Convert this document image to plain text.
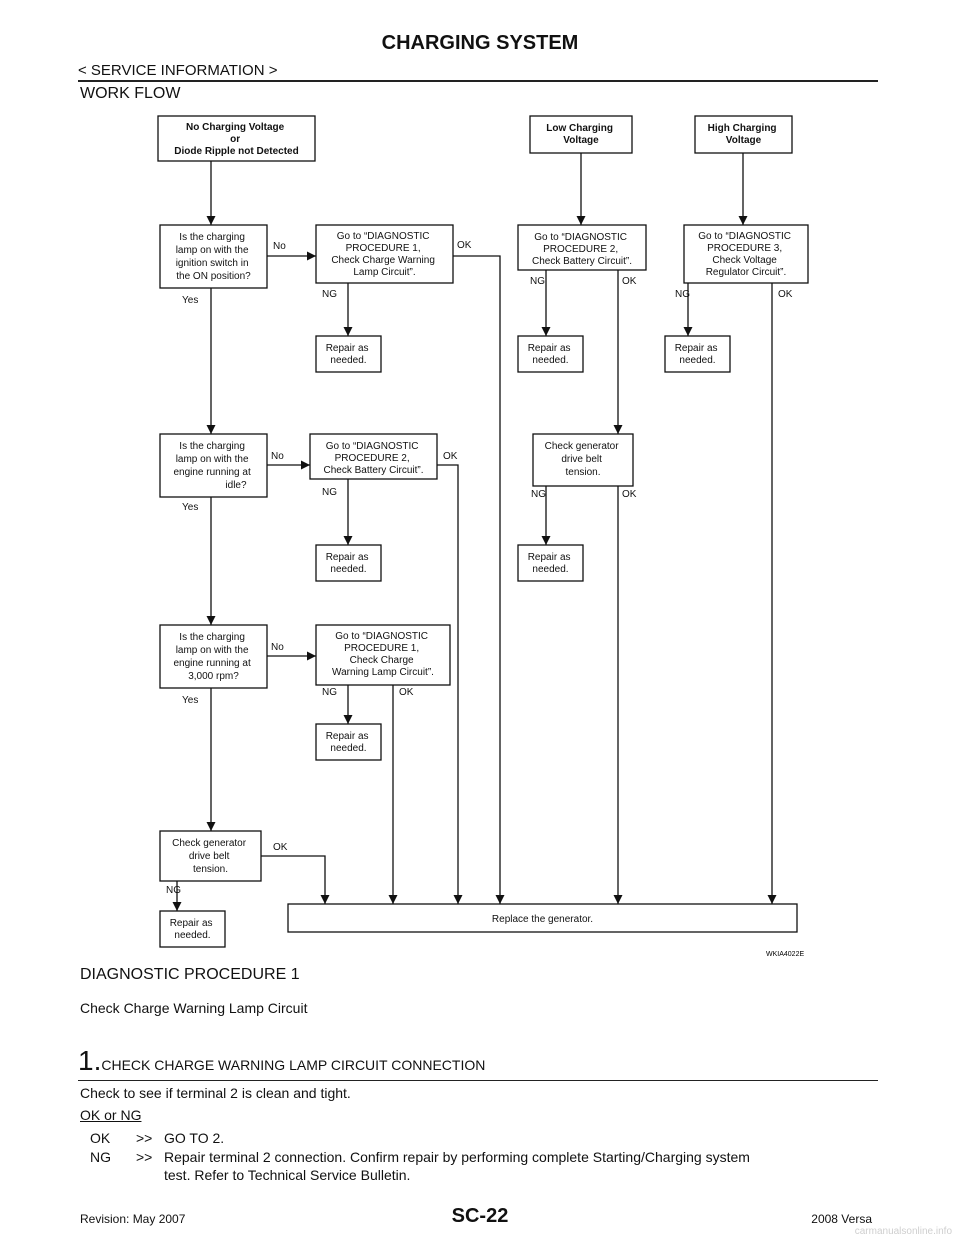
CHARGING SYSTEM
< SERVICE INFORMATION >
WORK FLOW
No Charging Voltage or Diode Ripple not Detected
Low Charging Voltage
High Charging Voltage
Is the charging lamp on with the ignition switch in the ON position?
Go to “DIAGNOSTIC PROCEDURE 1, Check Charge Warning Lamp Circuit”.
Go to “DIAGNOSTIC PROCEDURE 2, Check Battery Circuit”.
Go to “DIAGNOSTIC PROCEDURE 3, Check Voltage Regulator Circuit”.
Repair as needed.
Repair as needed.
Repair as needed.
Is the charging lamp on with the engine running at idle?
Go to “DIAGNOSTIC PROCEDURE 2, Check Battery Circuit”.
Check generator drive belt tension.
Repair as needed.
Repair as needed.
Is the charging lamp on with the engine running at 3,000 rpm?
Go to “DIAGNOSTIC PROCEDURE 1, Check Charge Warning Lamp Circuit”.
Repair as needed.
Check generator drive belt tension.
Repair as needed.
Replace the generator.
Yes
Yes
Yes
No
No
No
OK
OK
OK
OK
OK
OK
OK
NG
NG
NG
NG	NG
NG
NG
WKIA4022E
DIAGNOSTIC PROCEDURE 1
Check Charge Warning Lamp Circuit
1. CHECK CHARGE WARNING LAMP CIRCUIT CONNECTION
Check to see if terminal 2 is clean and tight.
OK or NG
OK >> GO TO 2.
NG >> Repair terminal 2 connection. Confirm repair by performing complete Starting/Charging system
test. Refer to Technical Service Bulletin.
SC-22
Revision: May 2007	2008 Versa
carmanualsonline.info
